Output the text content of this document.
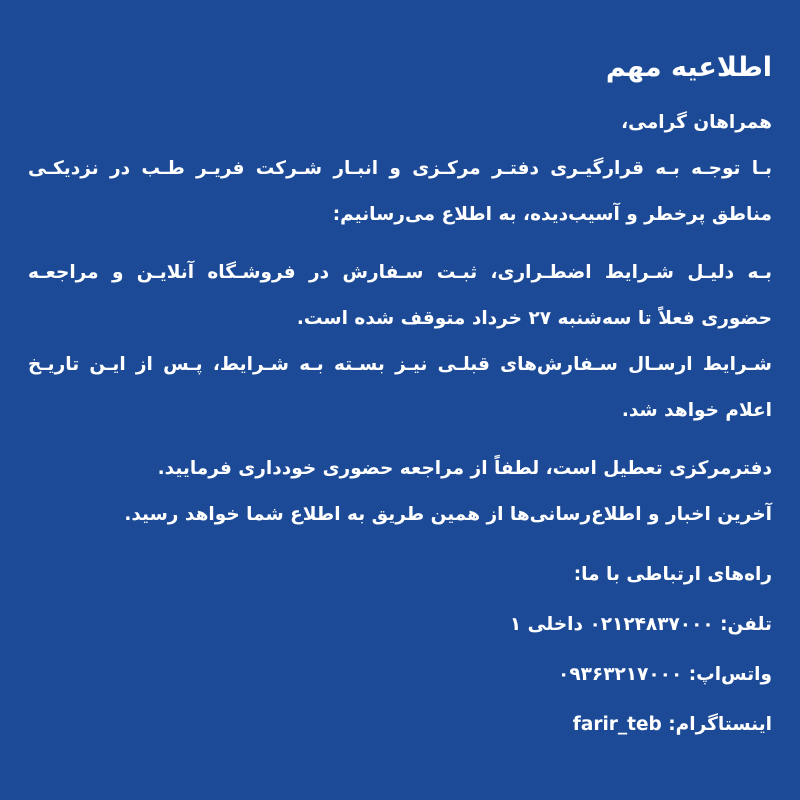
اطلاعیه مهم
همراهان گرامی،
بـا توجـه بـه قرارگیـری دفتـر مرکـزی و انبـار شـرکت فریـر طـب در نزدیکـی
مناطق پرخطر و آسیب‌دیده، به اطلاع می‌رسانیم:
بـه دلیـل شـرایط اضطـراری، ثبـت سـفارش در فروشـگاه آنلایـن و مراجعـه
حضوری فعلاً تا سه‌شنبه ۲۷ خرداد متوقف شده است.
شـرایط ارسـال سـفارش‌های قبلـی نیـز بسـته بـه شـرایط، پـس از ایـن تاریـخ
اعلام خواهد شد.
دفترمرکزی تعطیل است، لطفاً از مراجعه حضوری خودداری فرمایید.
آخرین اخبار و اطلاع‌رسانی‌ها از همین طریق به اطلاع شما خواهد رسید.
راه‌های ارتباطی با ما:
تلفن: ۰۲۱۲۴۸۳۷۰۰۰ داخلی ۱
واتس‌اپ: ۰۹۳۶۳۲۱۷۰۰۰
اینستاگرام: farir_teb
